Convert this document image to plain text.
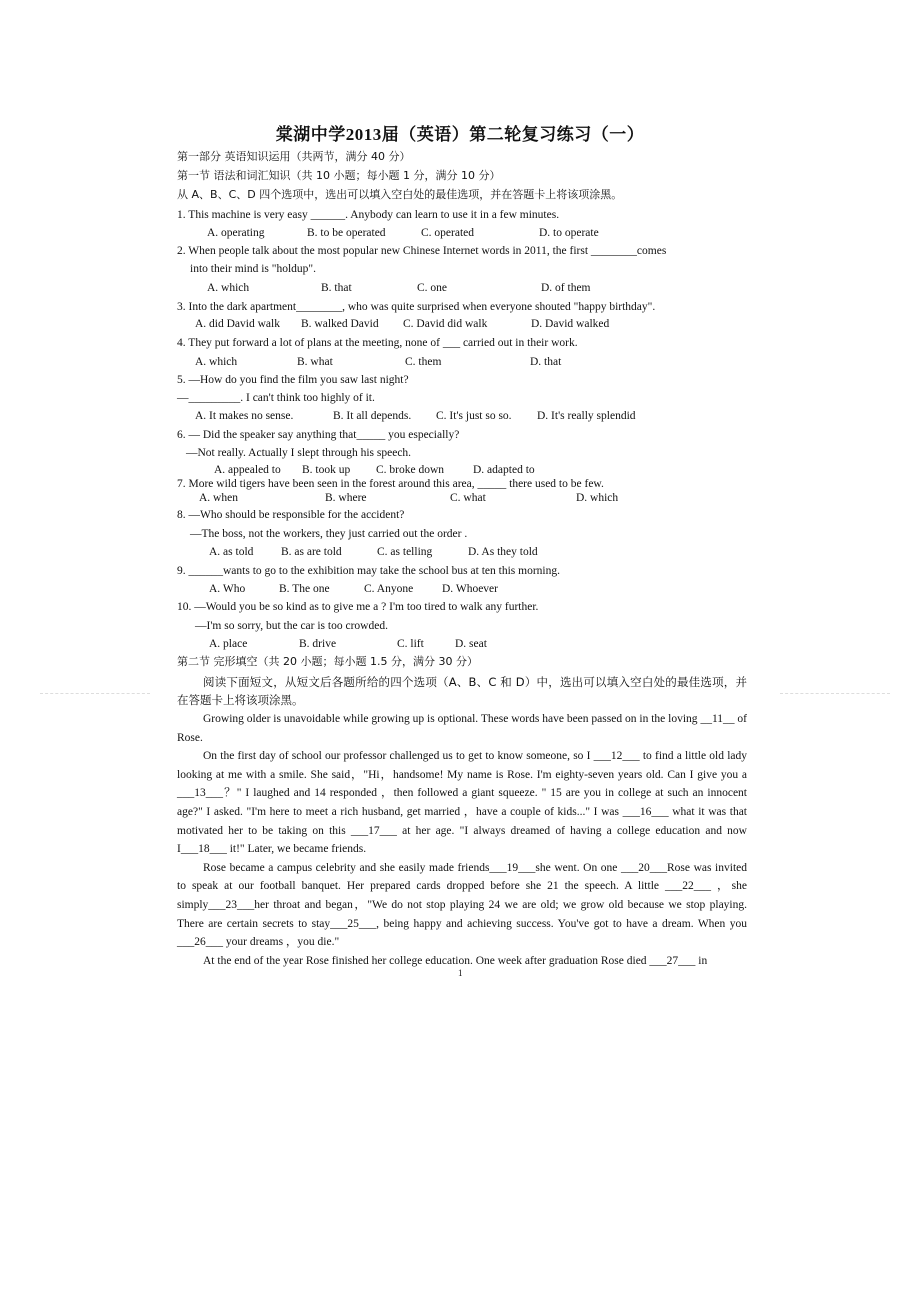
棠湖中学2013届（英语）第二轮复习练习（一）
第一部分 英语知识运用（共两节，满分 40 分）
第一节 语法和词汇知识（共 10 小题；每小题 1 分，满分 10 分）
从 A、B、C、D 四个选项中，选出可以填入空白处的最佳选项，并在答题卡上将该项涂黑。
1. This machine is very easy ______. Anybody can learn to use it in a few minutes.
A. operating	B. to be operated	C. operated	D. to operate
2. When people talk about the most popular new Chinese Internet words in 2011, the first ________comes
into their mind is "holdup".
A. which	B. that	C. one	D. of them
3. Into the dark apartment________, who was quite surprised when everyone shouted "happy birthday".
A. did David walk B. walked David C. David did walk	D. David walked
4. They put forward a lot of plans at the meeting, none of ___ carried out in their work.
A. which	B. what	C. them	D. that
5. —How do you find the film you saw last night?
—_________. I can't think too highly of it.
A. It makes no sense.	B. It all depends. C. It's just so so. D. It's really splendid
6. — Did the speaker say anything that_____ you especially?
—Not really. Actually I slept through his speech.
A. appealed to B. took up C. broke down	D. adapted to
7. More wild tigers have been seen in the forest around this area, _____ there used to be few.
A. when	B. where	C. what	D. which
8. —Who should be responsible for the accident?
—The boss, not the workers, they just carried out the order .
A. as told B. as are told	C. as telling	D. As they told
9. ______wants to go to the exhibition may take the school bus at ten this morning.
A. Who	B. The one	C. Anyone	D. Whoever
10. —Would you be so kind as to give me a ? I'm too tired to walk any further.
—I'm so sorry, but the car is too crowded.
A. place	B. drive	C. lift	D. seat
第二节 完形填空（共 20 小题；每小题 1.5 分，满分 30 分）
阅读下面短文，从短文后各题所给的四个选项（A、B、C 和 D）中，选出可以填入空白处的最佳选项，并在答题卡上将该项涂黑。
Growing older is unavoidable while growing up is optional. These words have been passed on in the loving __11__ of Rose.
On the first day of school our professor challenged us to get to know someone, so I ___12___ to find a little old lady looking at me with a smile. She said，"Hi，handsome! My name is Rose. I'm eighty-seven years old. Can I give you a ___13___？" I laughed and 14 responded ，then followed a giant squeeze. " 15 are you in college at such an innocent age?" I asked. "I'm here to meet a rich husband, get married ，have a couple of kids..." I was ___16___ what it was that motivated her to be taking on this ___17___ at her age. "I always dreamed of having a college education and now I___18___ it!" Later, we became friends.
Rose became a campus celebrity and she easily made friends___19___she went. On one ___20___Rose was invited to speak at our football banquet. Her prepared cards dropped before she 21 the speech. A little ___22___ ，she simply___23___her throat and began，"We do not stop playing 24 we are old; we grow old because we stop playing. There are certain secrets to stay___25___, being happy and achieving success. You've got to have a dream. When you ___26___ your dreams ，you die."
At the end of the year Rose finished her college education. One week after graduation Rose died ___27___ in
1
